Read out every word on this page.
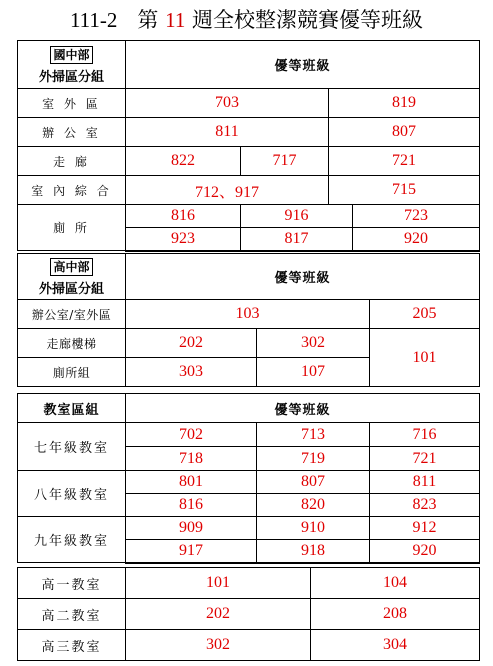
111-2 第 11 週全校整潔競賽優等班級
國中部
外掃區分組	優等班級				
室 外 區	703		819		
辦 公 室	811		807		
走 廊	822	717	721	
室 內 綜 合	712、917		715		
廁 所	816	916		723	
	923	817		920	
高中部
外掃區分組	優等班級		
辦公室/室外區	103		205
走廊樓梯	202	302	101
廁所組	303	107	
教室區組	優等班級		
七年級教室	702	713	716
	718	719	721
八年級教室	801	807	811
	816	820	823
九年級教室	909	910	912
	917	918	920
高一教室	101	104
高二教室	202	208
高三教室	302	304
